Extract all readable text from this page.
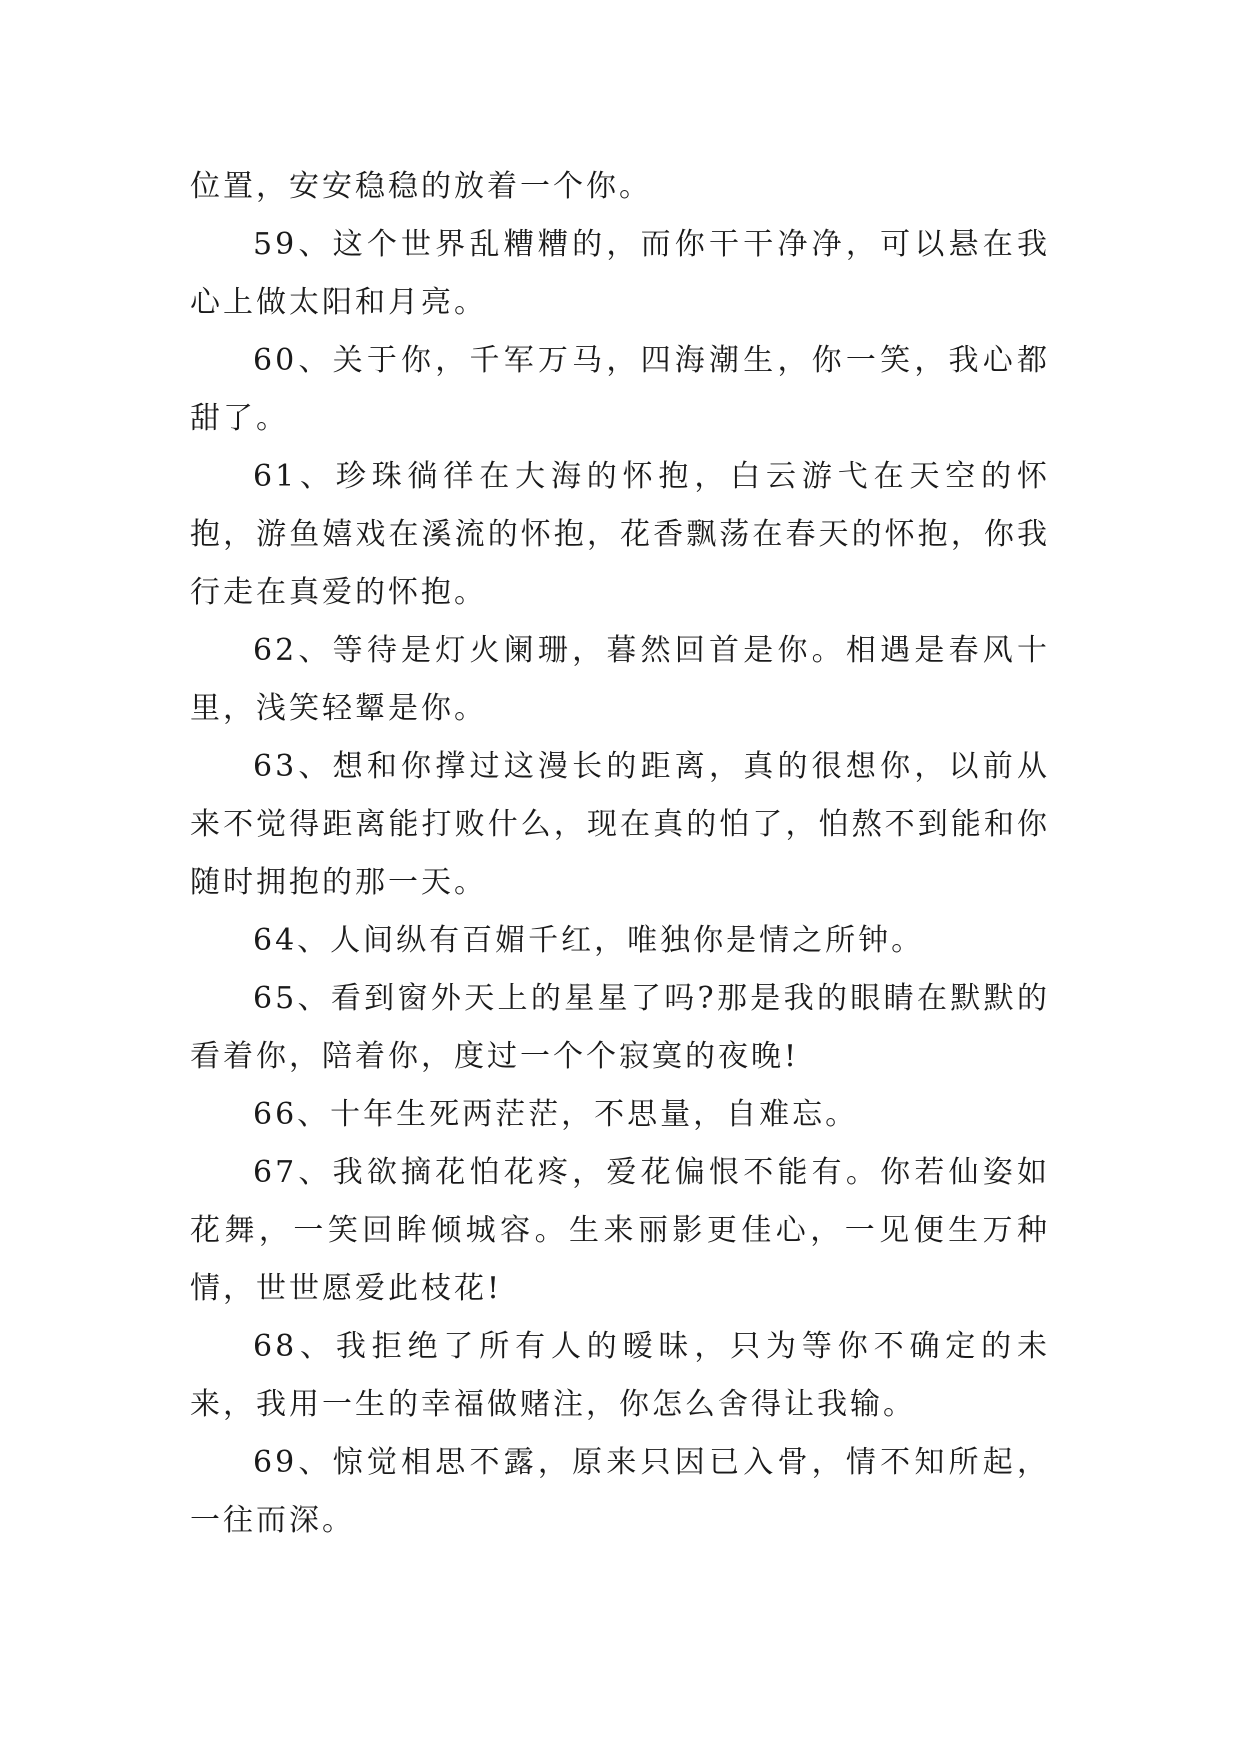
位置，安安稳稳的放着一个你。

59、这个世界乱糟糟的，而你干干净净，可以悬在我心上做太阳和月亮。

60、关于你，千军万马，四海潮生，你一笑，我心都甜了。

61、珍珠徜徉在大海的怀抱，白云游弋在天空的怀抱，游鱼嬉戏在溪流的怀抱，花香飘荡在春天的怀抱，你我行走在真爱的怀抱。

62、等待是灯火阑珊，暮然回首是你。相遇是春风十里，浅笑轻颦是你。

63、想和你撑过这漫长的距离，真的很想你，以前从来不觉得距离能打败什么，现在真的怕了，怕熬不到能和你随时拥抱的那一天。

64、人间纵有百媚千红，唯独你是情之所钟。

65、看到窗外天上的星星了吗?那是我的眼睛在默默的看着你，陪着你，度过一个个寂寞的夜晚!

66、十年生死两茫茫，不思量，自难忘。

67、我欲摘花怕花疼，爱花偏恨不能有。你若仙姿如花舞，一笑回眸倾城容。生来丽影更佳心，一见便生万种情，世世愿爱此枝花!

68、我拒绝了所有人的暧昧，只为等你不确定的未来，我用一生的幸福做赌注，你怎么舍得让我输。

69、惊觉相思不露，原来只因已入骨，情不知所起，一往而深。
